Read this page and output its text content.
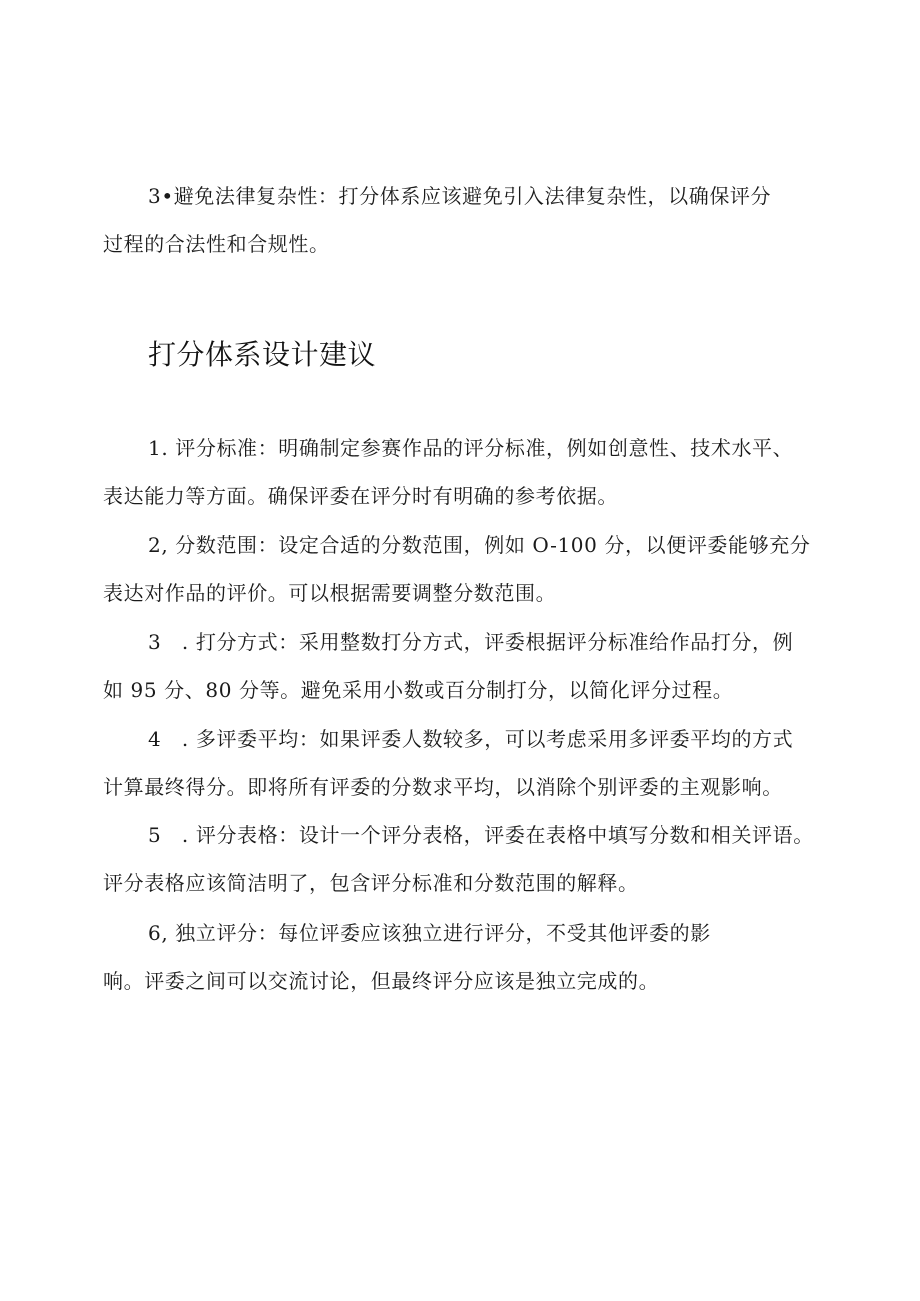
3•避免法律复杂性：打分体系应该避免引入法律复杂性，以确保评分
过程的合法性和合规性。
打分体系设计建议
1. 评分标准：明确制定参赛作品的评分标准，例如创意性、技术水平、
表达能力等方面。确保评委在评分时有明确的参考依据。
2, 分数范围：设定合适的分数范围，例如 O-100 分，以便评委能够充分
表达对作品的评价。可以根据需要调整分数范围。
3　. 打分方式：采用整数打分方式，评委根据评分标准给作品打分，例
如 95 分、80 分等。避免采用小数或百分制打分，以简化评分过程。
4　. 多评委平均：如果评委人数较多，可以考虑采用多评委平均的方式
计算最终得分。即将所有评委的分数求平均，以消除个别评委的主观影响。
5　. 评分表格：设计一个评分表格，评委在表格中填写分数和相关评语。
评分表格应该简洁明了，包含评分标准和分数范围的解释。
6, 独立评分：每位评委应该独立进行评分，不受其他评委的影
响。评委之间可以交流讨论，但最终评分应该是独立完成的。
